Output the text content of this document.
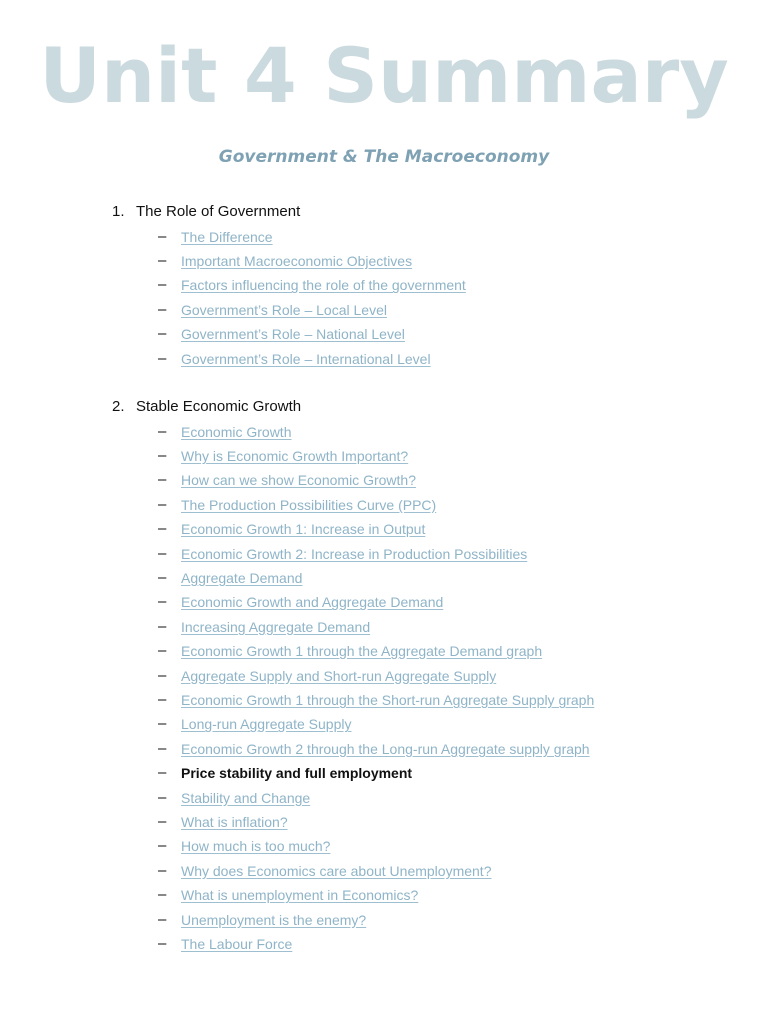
Unit 4 Summary
Government & The Macroeconomy
1. The Role of Government
– The Difference
– Important Macroeconomic Objectives
– Factors influencing the role of the government
– Government’s Role – Local Level
– Government’s Role – National Level
– Government’s Role – International Level
2. Stable Economic Growth
– Economic Growth
– Why is Economic Growth Important?
– How can we show Economic Growth?
– The Production Possibilities Curve (PPC)
– Economic Growth 1: Increase in Output
– Economic Growth 2: Increase in Production Possibilities
– Aggregate Demand
– Economic Growth and Aggregate Demand
– Increasing Aggregate Demand
– Economic Growth 1 through the Aggregate Demand graph
– Aggregate Supply and Short-run Aggregate Supply
– Economic Growth 1 through the Short-run Aggregate Supply graph
– Long-run Aggregate Supply
– Economic Growth 2 through the Long-run Aggregate supply graph
– Price stability and full employment
– Stability and Change
– What is inflation?
– How much is too much?
– Why does Economics care about Unemployment?
– What is unemployment in Economics?
– Unemployment is the enemy?
– The Labour Force
